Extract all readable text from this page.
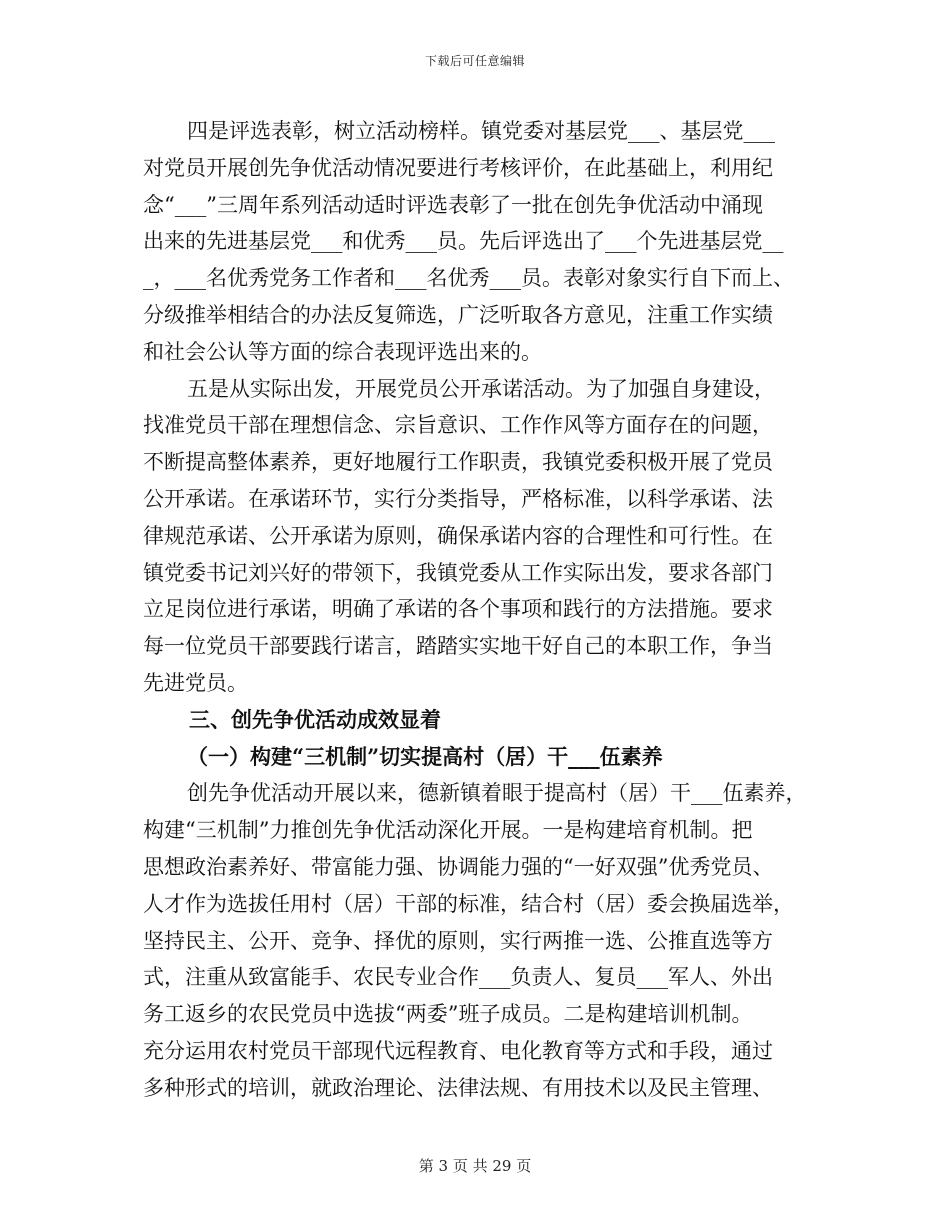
下载后可任意编辑
四是评选表彰，树立活动榜样。镇党委对基层党___、基层党___
对党员开展创先争优活动情况要进行考核评价，在此基础上，利用纪
念“___”三周年系列活动适时评选表彰了一批在创先争优活动中涌现
出来的先进基层党___和优秀___员。先后评选出了___个先进基层党__
_，___名优秀党务工作者和___名优秀___员。表彰对象实行自下而上、
分级推举相结合的办法反复筛选，广泛听取各方意见，注重工作实绩
和社会公认等方面的综合表现评选出来的。
五是从实际出发，开展党员公开承诺活动。为了加强自身建设，
找准党员干部在理想信念、宗旨意识、工作作风等方面存在的问题，
不断提高整体素养，更好地履行工作职责，我镇党委积极开展了党员
公开承诺。在承诺环节，实行分类指导，严格标准，以科学承诺、法
律规范承诺、公开承诺为原则，确保承诺内容的合理性和可行性。在
镇党委书记刘兴好的带领下，我镇党委从工作实际出发，要求各部门
立足岗位进行承诺，明确了承诺的各个事项和践行的方法措施。要求
每一位党员干部要践行诺言，踏踏实实地干好自己的本职工作，争当
先进党员。
三、创先争优活动成效显着
（一）构建“三机制”切实提高村（居）干___伍素养
创先争优活动开展以来，德新镇着眼于提高村（居）干___伍素养，
构建“三机制”力推创先争优活动深化开展。一是构建培育机制。把
思想政治素养好、带富能力强、协调能力强的“一好双强”优秀党员、
人才作为选拔任用村（居）干部的标准，结合村（居）委会换届选举，
坚持民主、公开、竞争、择优的原则，实行两推一选、公推直选等方
式，注重从致富能手、农民专业合作___负责人、复员___军人、外出
务工返乡的农民党员中选拔“两委”班子成员。二是构建培训机制。
充分运用农村党员干部现代远程教育、电化教育等方式和手段，通过
多种形式的培训，就政治理论、法律法规、有用技术以及民主管理、
第 3 页 共 29 页
